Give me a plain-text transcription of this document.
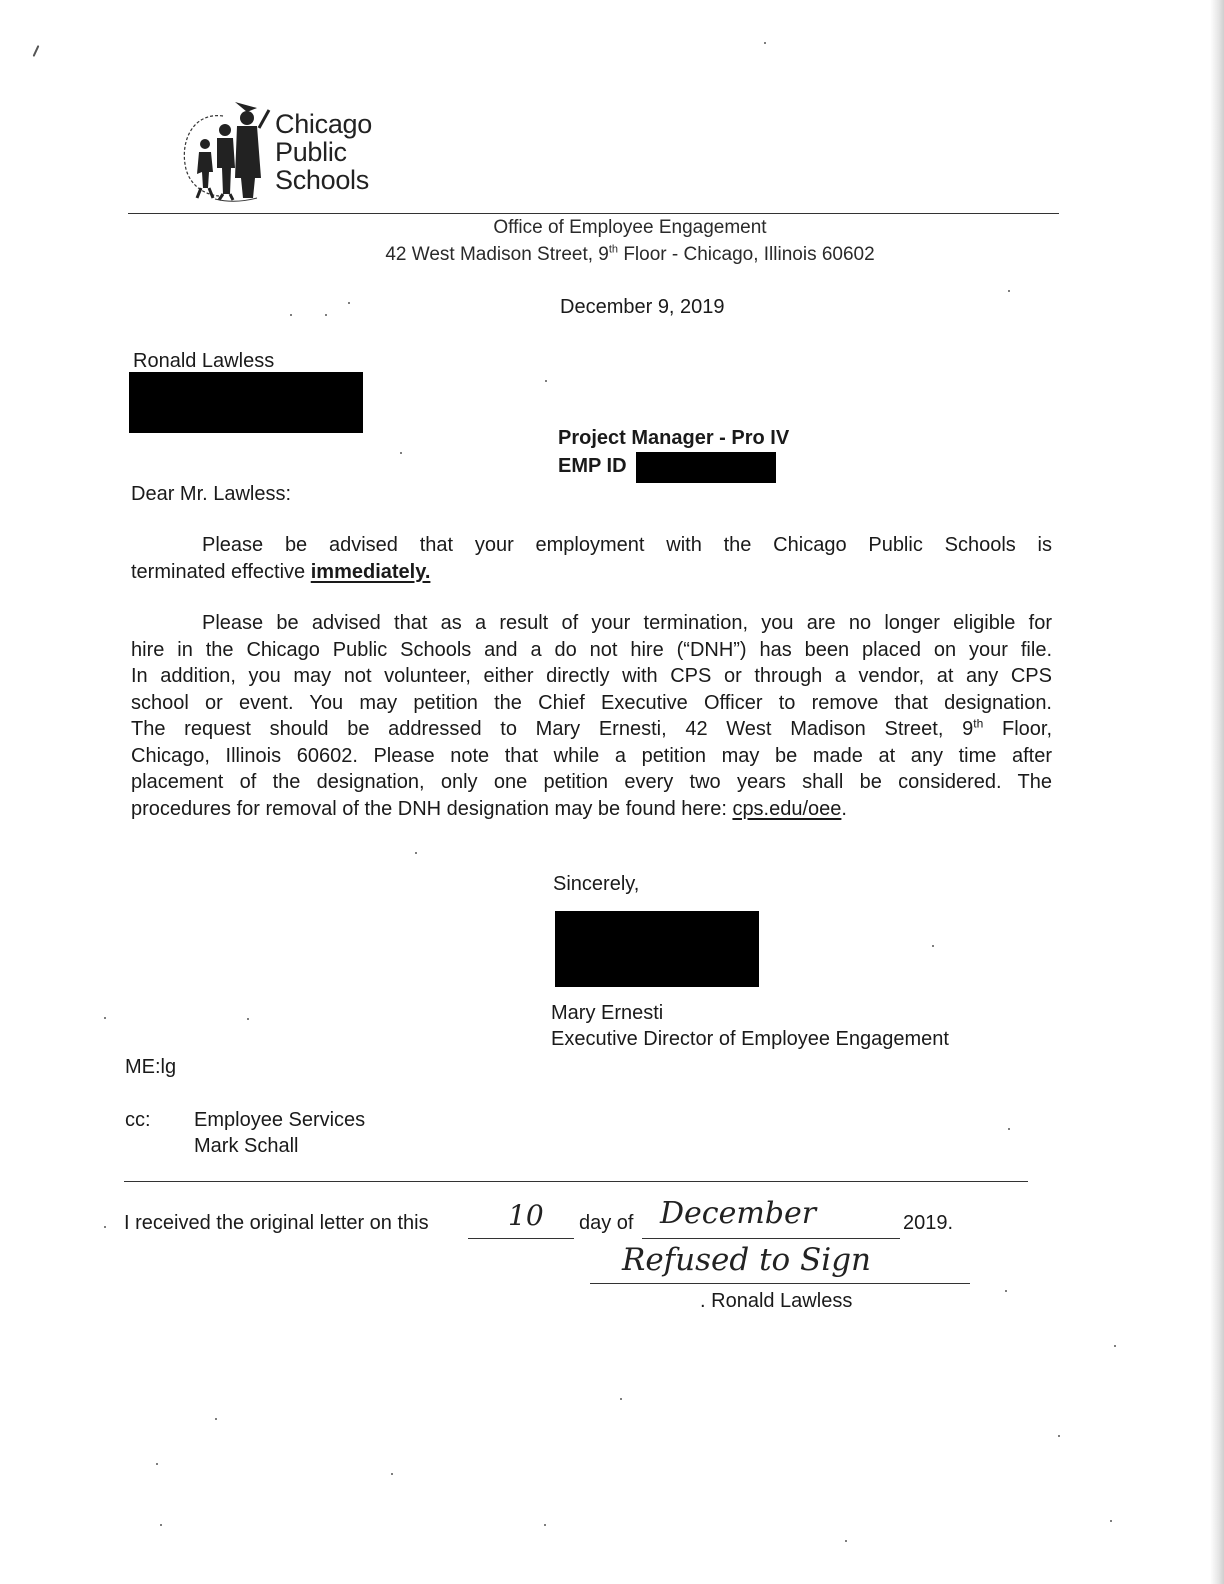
Chicago
Public
Schools
Office of Employee Engagement
42 West Madison Street, 9th Floor - Chicago, Illinois 60602
December 9, 2019
Ronald Lawless
Project Manager - Pro IV
EMP ID
Dear Mr. Lawless:
Please be advised that your employment with the Chicago Public Schools is
terminated effective immediately.
Please be advised that as a result of your termination, you are no longer eligible for
hire in the Chicago Public Schools and a do not hire (“DNH”) has been placed on your file.
In addition, you may not volunteer, either directly with CPS or through a vendor, at any CPS
school or event. You may petition the Chief Executive Officer to remove that designation.
The request should be addressed to Mary Ernesti, 42 West Madison Street, 9th Floor,
Chicago, Illinois 60602. Please note that while a petition may be made at any time after
placement of the designation, only one petition every two years shall be considered. The
procedures for removal of the DNH designation may be found here: cps.edu/oee.
Sincerely,
Mary Ernesti
Executive Director of Employee Engagement
ME:lg
cc: Employee Services
Mark Schall
I received the original letter on this	10 day of December	2019.
Refused to Sign
. Ronald Lawless
